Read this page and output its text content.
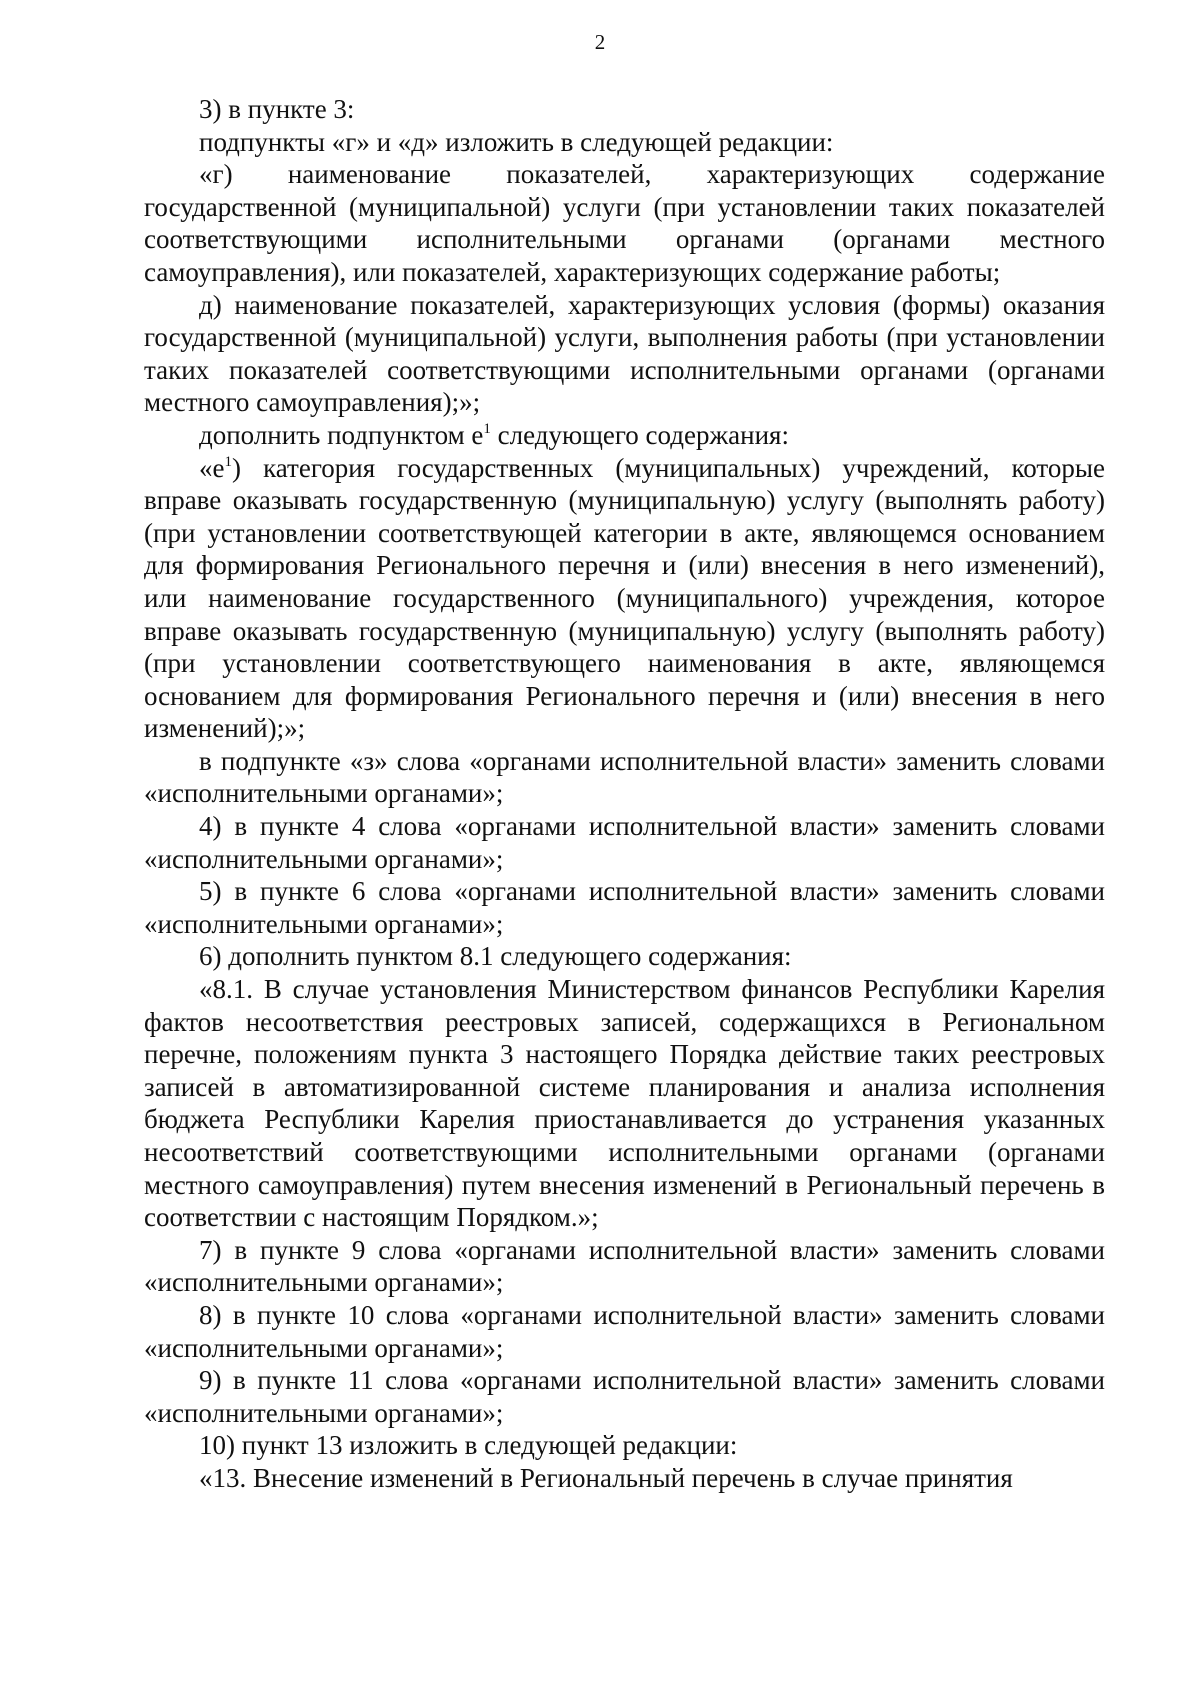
2

3) в пункте 3:

подпункты «г» и «д» изложить в следующей редакции:

«г) наименование показателей, характеризующих содержание государственной (муниципальной) услуги (при установлении таких показателей соответствующими исполнительными органами (органами местного самоуправления), или показателей, характеризующих содержание работы;

д) наименование показателей, характеризующих условия (формы) оказания государственной (муниципальной) услуги, выполнения работы (при установлении таких показателей соответствующими исполнительными органами (органами местного самоуправления);»;

дополнить подпунктом $е^1$ следующего содержания:

«$е^1$) категория государственных (муниципальных) учреждений, которые вправе оказывать государственную (муниципальную) услугу (выполнять работу) (при установлении соответствующей категории в акте, являющемся основанием для формирования Регионального перечня и (или) внесения в него изменений), или наименование государственного (муниципального) учреждения, которое вправе оказывать государственную (муниципальную) услугу (выполнять работу) (при установлении соответствующего наименования в акте, являющемся основанием для формирования Регионального перечня и (или) внесения в него изменений);»;

в подпункте «з» слова «органами исполнительной власти» заменить словами «исполнительными органами»;

4) в пункте 4 слова «органами исполнительной власти» заменить словами «исполнительными органами»;

5) в пункте 6 слова «органами исполнительной власти» заменить словами «исполнительными органами»;

6) дополнить пунктом 8.1 следующего содержания:

«8.1. В случае установления Министерством финансов Республики Карелия фактов несоответствия реестровых записей, содержащихся в Региональном перечне, положениям пункта 3 настоящего Порядка действие таких реестровых записей в автоматизированной системе планирования и анализа исполнения бюджета Республики Карелия приостанавливается до устранения указанных несоответствий соответствующими исполнительными органами (органами местного самоуправления) путем внесения изменений в Региональный перечень в соответствии с настоящим Порядком.»;

7) в пункте 9 слова «органами исполнительной власти» заменить словами «исполнительными органами»;

8) в пункте 10 слова «органами исполнительной власти» заменить словами «исполнительными органами»;

9) в пункте 11 слова «органами исполнительной власти» заменить словами «исполнительными органами»;

10) пункт 13 изложить в следующей редакции:

«13. Внесение изменений в Региональный перечень в случае принятия
